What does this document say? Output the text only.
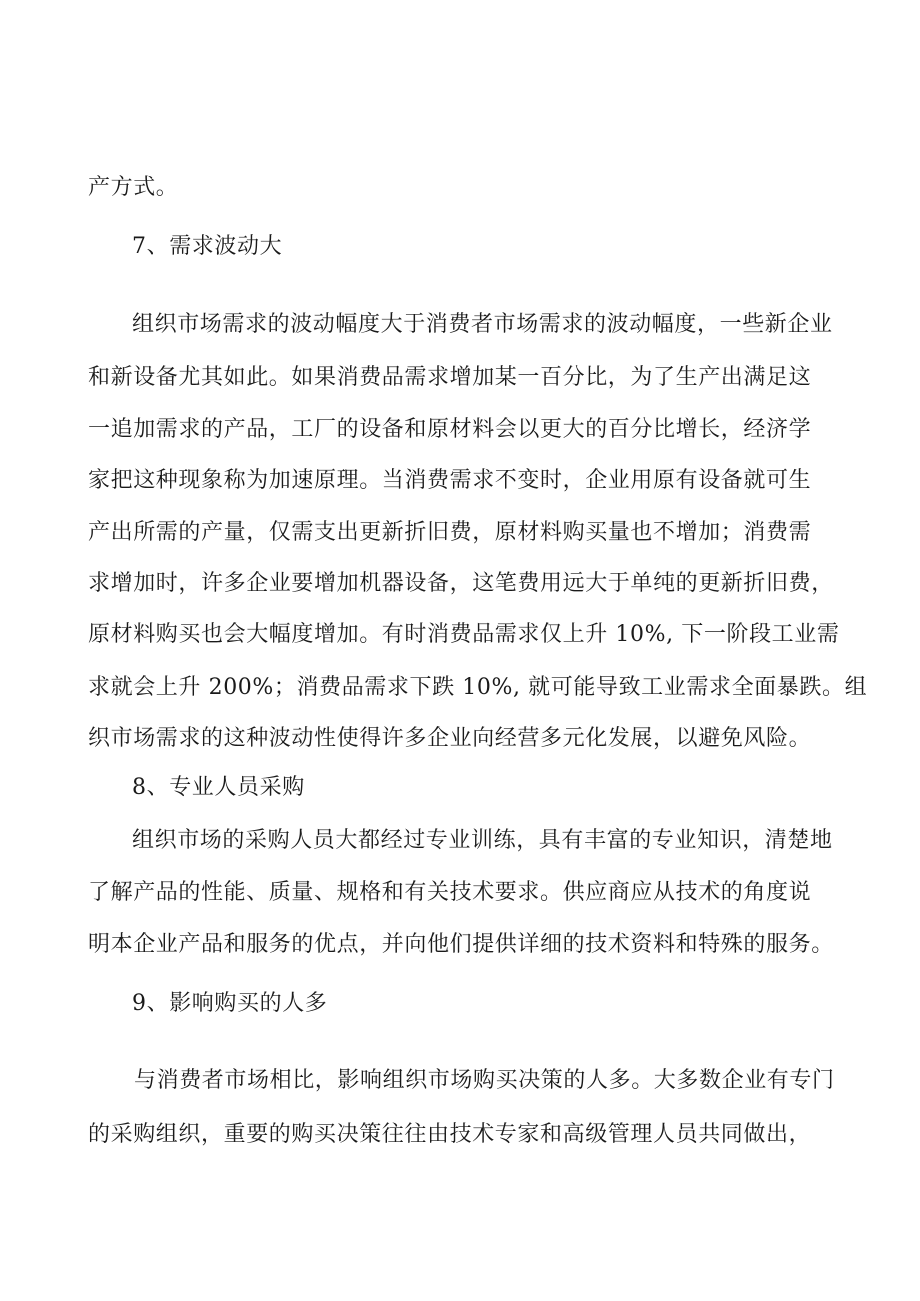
产方式。
7、需求波动大
组织市场需求的波动幅度大于消费者市场需求的波动幅度，一些新企业
和新设备尤其如此。如果消费品需求增加某一百分比，为了生产出满足这
一追加需求的产品，工厂的设备和原材料会以更大的百分比增长，经济学
家把这种现象称为加速原理。当消费需求不变时，企业用原有设备就可生
产出所需的产量，仅需支出更新折旧费，原材料购买量也不增加；消费需
求增加时，许多企业要增加机器设备，这笔费用远大于单纯的更新折旧费，
原材料购买也会大幅度增加。有时消费品需求仅上升 10%, 下一阶段工业需
求就会上升 200%；消费品需求下跌 10%, 就可能导致工业需求全面暴跌。组
织市场需求的这种波动性使得许多企业向经营多元化发展，以避免风险。
8、专业人员采购
组织市场的采购人员大都经过专业训练，具有丰富的专业知识，清楚地
了解产品的性能、质量、规格和有关技术要求。供应商应从技术的角度说
明本企业产品和服务的优点，并向他们提供详细的技术资料和特殊的服务。
9、影响购买的人多
与消费者市场相比，影响组织市场购买决策的人多。大多数企业有专门
的采购组织，重要的购买决策往往由技术专家和高级管理人员共同做出，
